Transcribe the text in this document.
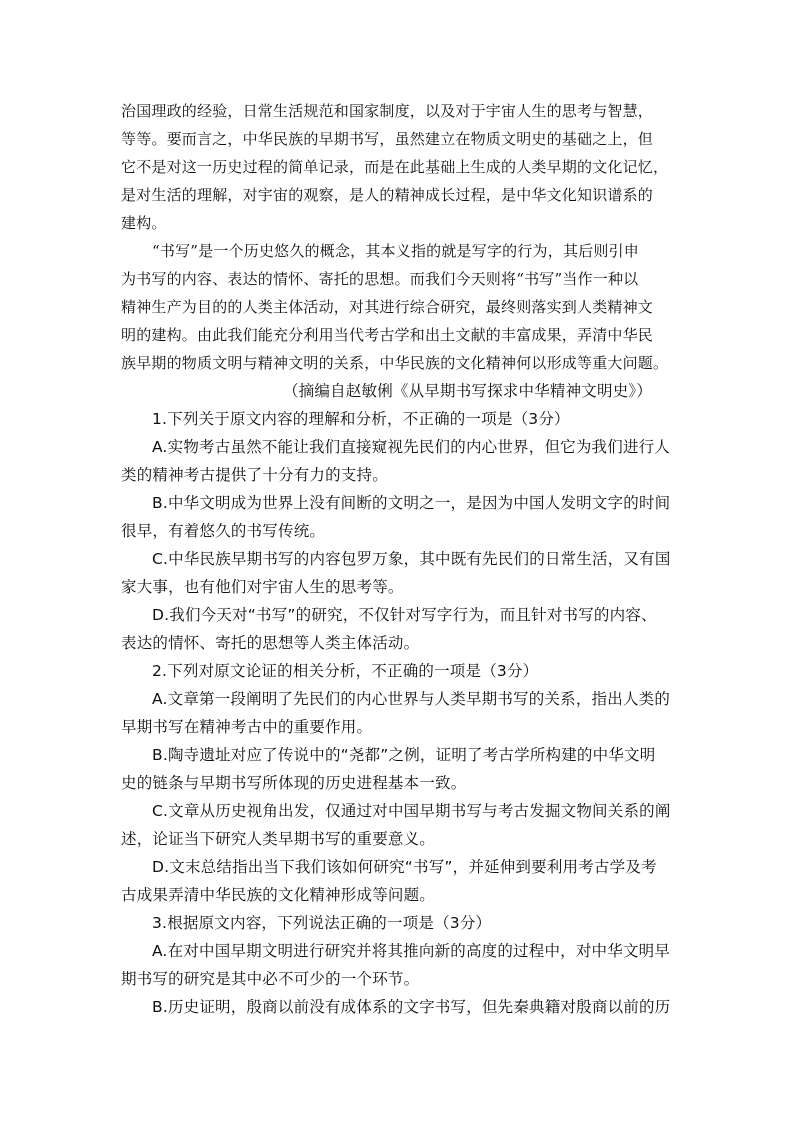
治国理政的经验，日常生活规范和国家制度，以及对于宇宙人生的思考与智慧，
等等。要而言之，中华民族的早期书写，虽然建立在物质文明史的基础之上，但
它不是对这一历史过程的简单记录，而是在此基础上生成的人类早期的文化记忆，
是对生活的理解，对宇宙的观察，是人的精神成长过程，是中华文化知识谱系的
建构。
“书写”是一个历史悠久的概念，其本义指的就是写字的行为，其后则引申
为书写的内容、表达的情怀、寄托的思想。而我们今天则将“书写”当作一种以
精神生产为目的的人类主体活动，对其进行综合研究，最终则落实到人类精神文
明的建构。由此我们能充分利用当代考古学和出土文献的丰富成果，弄清中华民
族早期的物质文明与精神文明的关系，中华民族的文化精神何以形成等重大问题。
（摘编自赵敏俐《从早期书写探求中华精神文明史》）
1.下列关于原文内容的理解和分析，不正确的一项是（3分）
A.实物考古虽然不能让我们直接窥视先民们的内心世界，但它为我们进行人
类的精神考古提供了十分有力的支持。
B.中华文明成为世界上没有间断的文明之一，是因为中国人发明文字的时间
很早，有着悠久的书写传统。
C.中华民族早期书写的内容包罗万象，其中既有先民们的日常生活，又有国
家大事，也有他们对宇宙人生的思考等。
D.我们今天对“书写”的研究，不仅针对写字行为，而且针对书写的内容、
表达的情怀、寄托的思想等人类主体活动。
2.下列对原文论证的相关分析，不正确的一项是（3分）
A.文章第一段阐明了先民们的内心世界与人类早期书写的关系，指出人类的
早期书写在精神考古中的重要作用。
B.陶寺遗址对应了传说中的“尧都”之例，证明了考古学所构建的中华文明
史的链条与早期书写所体现的历史进程基本一致。
C.文章从历史视角出发，仅通过对中国早期书写与考古发掘文物间关系的阐
述，论证当下研究人类早期书写的重要意义。
D.文末总结指出当下我们该如何研究“书写”，并延伸到要利用考古学及考
古成果弄清中华民族的文化精神形成等问题。
3.根据原文内容，下列说法正确的一项是（3分）
A.在对中国早期文明进行研究并将其推向新的高度的过程中，对中华文明早
期书写的研究是其中必不可少的一个环节。
B.历史证明，殷商以前没有成体系的文字书写，但先秦典籍对殷商以前的历
